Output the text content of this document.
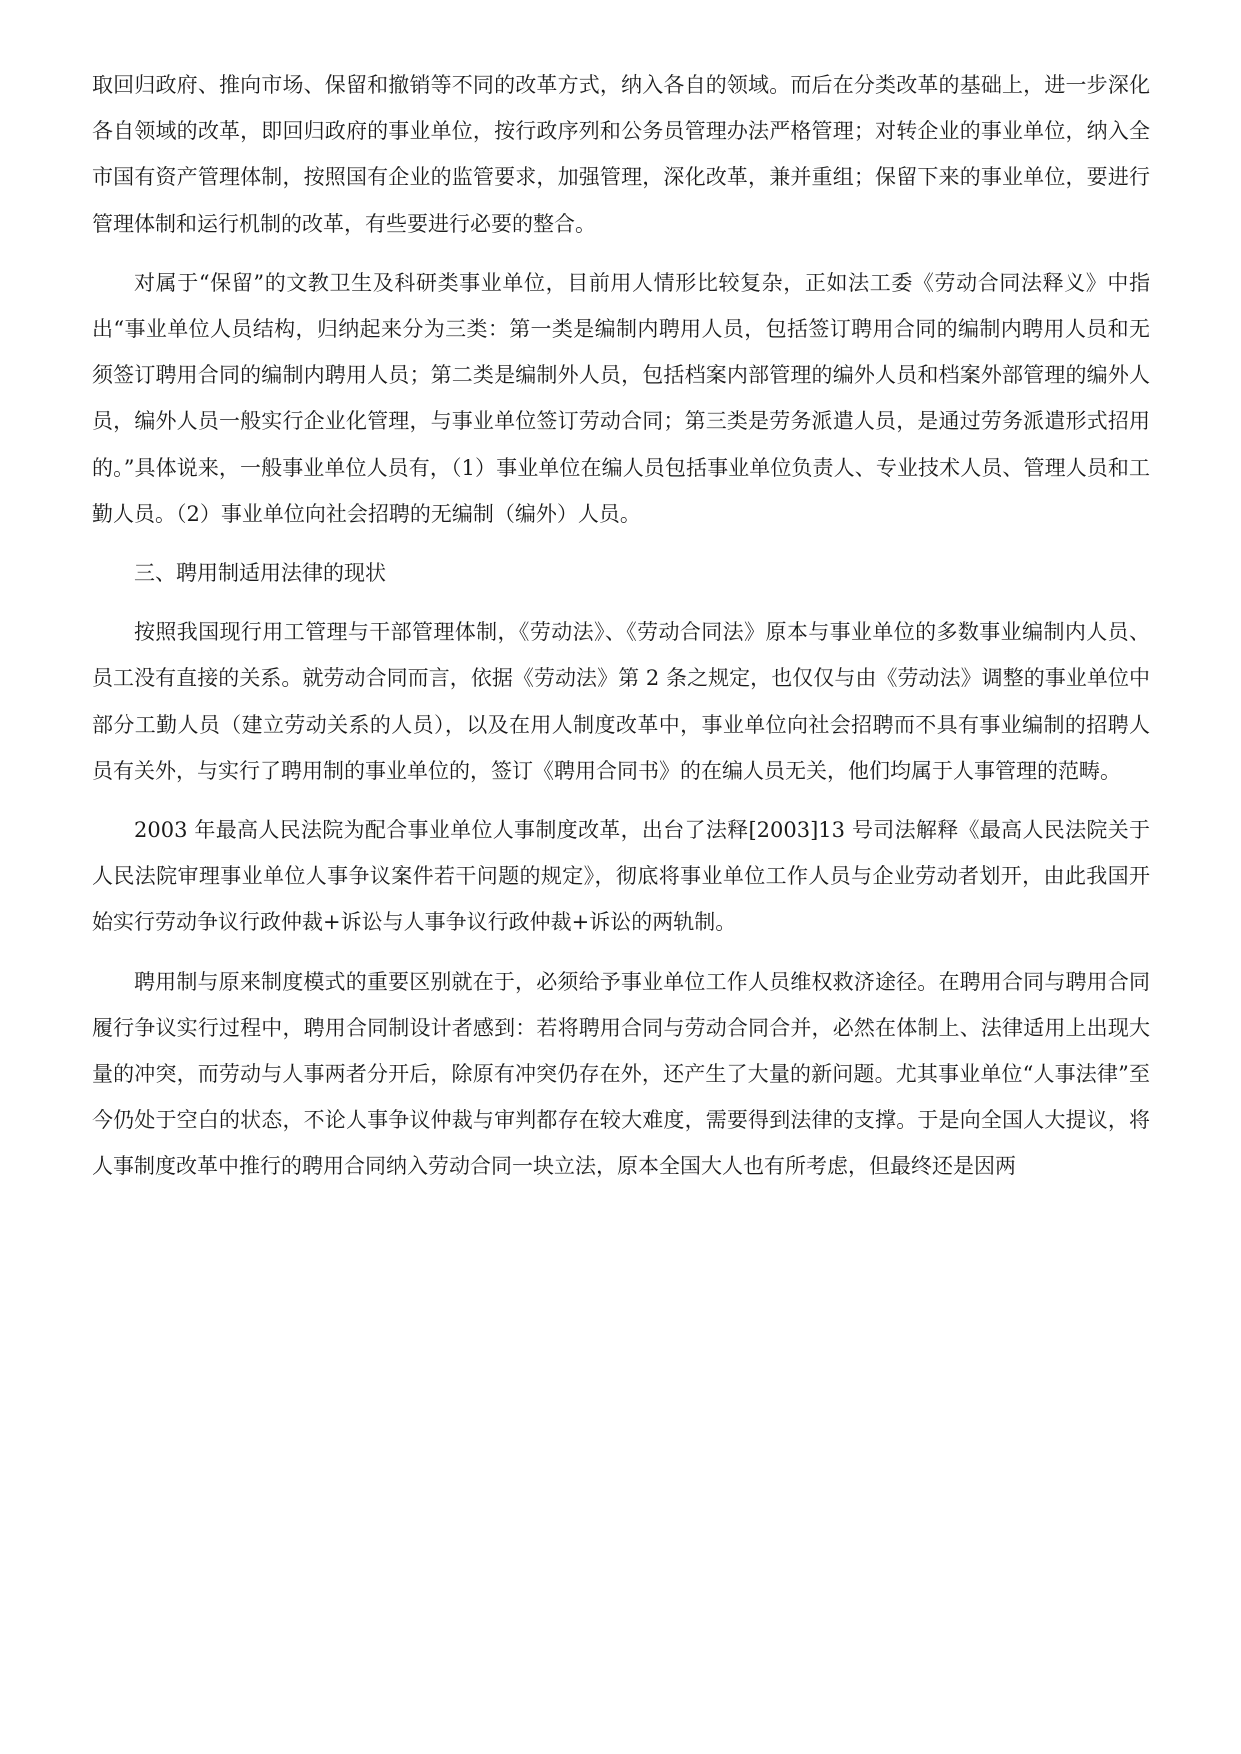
取回归政府、推向市场、保留和撤销等不同的改革方式，纳入各自的领域。而后在分类改革的基础上，进一步深化各自领域的改革，即回归政府的事业单位，按行政序列和公务员管理办法严格管理；对转企业的事业单位，纳入全市国有资产管理体制，按照国有企业的监管要求，加强管理，深化改革，兼并重组；保留下来的事业单位，要进行管理体制和运行机制的改革，有些要进行必要的整合。

对属于“保留”的文教卫生及科研类事业单位，目前用人情形比较复杂，正如法工委《劳动合同法释义》中指出“事业单位人员结构，归纳起来分为三类：第一类是编制内聘用人员，包括签订聘用合同的编制内聘用人员和无须签订聘用合同的编制内聘用人员；第二类是编制外人员，包括档案内部管理的编外人员和档案外部管理的编外人员，编外人员一般实行企业化管理，与事业单位签订劳动合同；第三类是劳务派遣人员，是通过劳务派遣形式招用的。”具体说来，一般事业单位人员有，（1）事业单位在编人员包括事业单位负责人、专业技术人员、管理人员和工勤人员。（2）事业单位向社会招聘的无编制（编外）人员。

三、聘用制适用法律的现状

按照我国现行用工管理与干部管理体制，《劳动法》、《劳动合同法》原本与事业单位的多数事业编制内人员、员工没有直接的关系。就劳动合同而言，依据《劳动法》第 2 条之规定，也仅仅与由《劳动法》调整的事业单位中部分工勤人员（建立劳动关系的人员），以及在用人制度改革中，事业单位向社会招聘而不具有事业编制的招聘人员有关外，与实行了聘用制的事业单位的，签订《聘用合同书》的在编人员无关，他们均属于人事管理的范畴。

2003 年最高人民法院为配合事业单位人事制度改革，出台了法释[2003]13 号司法解释《最高人民法院关于人民法院审理事业单位人事争议案件若干问题的规定》，彻底将事业单位工作人员与企业劳动者划开，由此我国开始实行劳动争议行政仲裁+诉讼与人事争议行政仲裁+诉讼的两轨制。

聘用制与原来制度模式的重要区别就在于，必须给予事业单位工作人员维权救济途径。在聘用合同与聘用合同履行争议实行过程中，聘用合同制设计者感到：若将聘用合同与劳动合同合并，必然在体制上、法律适用上出现大量的冲突，而劳动与人事两者分开后，除原有冲突仍存在外，还产生了大量的新问题。尤其事业单位“人事法律”至今仍处于空白的状态，不论人事争议仲裁与审判都存在较大难度，需要得到法律的支撑。于是向全国人大提议，将人事制度改革中推行的聘用合同纳入劳动合同一块立法，原本全国大人也有所考虑，但最终还是因两
